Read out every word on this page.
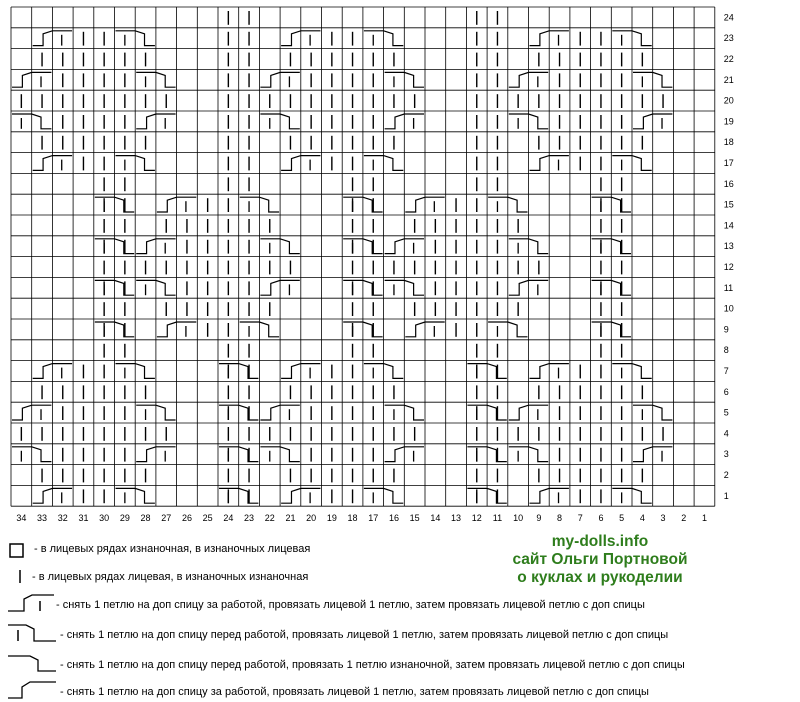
1
2
3
4
5
6
7
8
9
10
11
12
13
14
15
16
17
18
19
20
21
22
23
24
34 33 32 31 30 29 28 27 26 25 24 23 22 21 20 19 18 17 16 15 14 13 12 11 10 9 8 7 6 5 4 3 2 1
- в лицевых рядах изнаночная, в изнаночных лицевая
- в лицевых рядах лицевая, в изнаночных изнаночная
- снять 1 петлю на доп спицу за работой, провязать лицевой 1 петлю, затем провязать лицевой петлю с доп спицы
- снять 1 петлю на доп спицу перед работой, провязать лицевой 1 петлю, затем провязать лицевой петлю с доп спицы
- снять 1 петлю на доп спицу перед работой, провязать 1 петлю изнаночной, затем провязать лицевой петлю с доп спицы
- снять 1 петлю на доп спицу за работой, провязать лицевой 1 петлю, затем провязать лицевой петлю с доп спицы
my-dolls.info
сайт Ольги Портновой
о куклах и рукоделии
